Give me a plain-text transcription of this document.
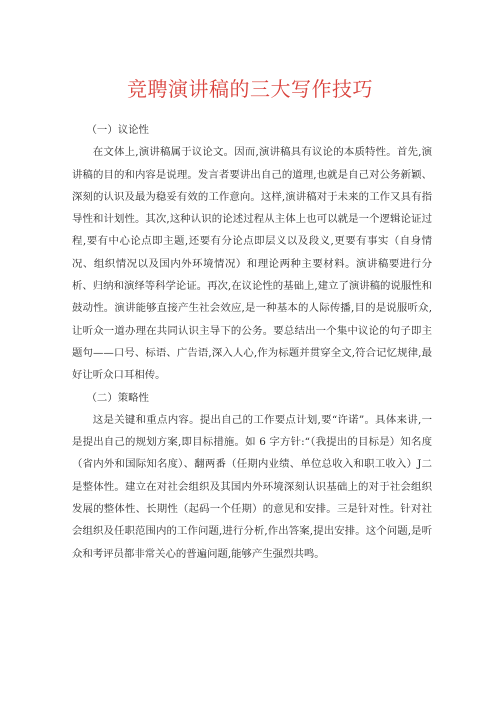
竞聘演讲稿的三大写作技巧

（一）议论性

在文体上,演讲稿属于议论文。因而,演讲稿具有议论的本质特性。首先,演讲稿的目的和内容是说理。发言者要讲出自己的道理,也就是自己对公务新颖、深刻的认识及最为稳妥有效的工作意向。这样,演讲稿对于未来的工作又具有指导性和计划性。其次,这种认识的论述过程从主体上也可以就是一个逻辑论证过程,要有中心论点即主题,还要有分论点即层义以及段义,更要有事实（自身情况、组织情况以及国内外环境情况）和理论两种主要材料。演讲稿要进行分析、归纳和演绎等科学论证。再次,在议论性的基础上,建立了演讲稿的说服性和鼓动性。演讲能够直接产生社会效应,是一种基本的人际传播,目的是说服听众,让听众一道办理在共同认识主导下的公务。要总结出一个集中议论的句子即主题句——口号、标语、广告语,深入人心,作为标题并贯穿全文,符合记忆规律,最好让听众口耳相传。

（二）策略性

这是关键和重点内容。提出自己的工作要点计划,要“许诺”。具体来讲,一是提出自己的规划方案,即目标措施。如 6 字方针:“（我提出的目标是）知名度（省内外和国际知名度）、翻两番（任期内业绩、单位总收入和职工收入）J二是整体性。建立在对社会组织及其国内外环境深刻认识基础上的对于社会组织发展的整体性、长期性（起码一个任期）的意见和安排。三是针对性。针对社会组织及任职范围内的工作问题,进行分析,作出答案,提出安排。这个问题,是听众和考评员都非常关心的普遍问题,能够产生强烈共鸣。
